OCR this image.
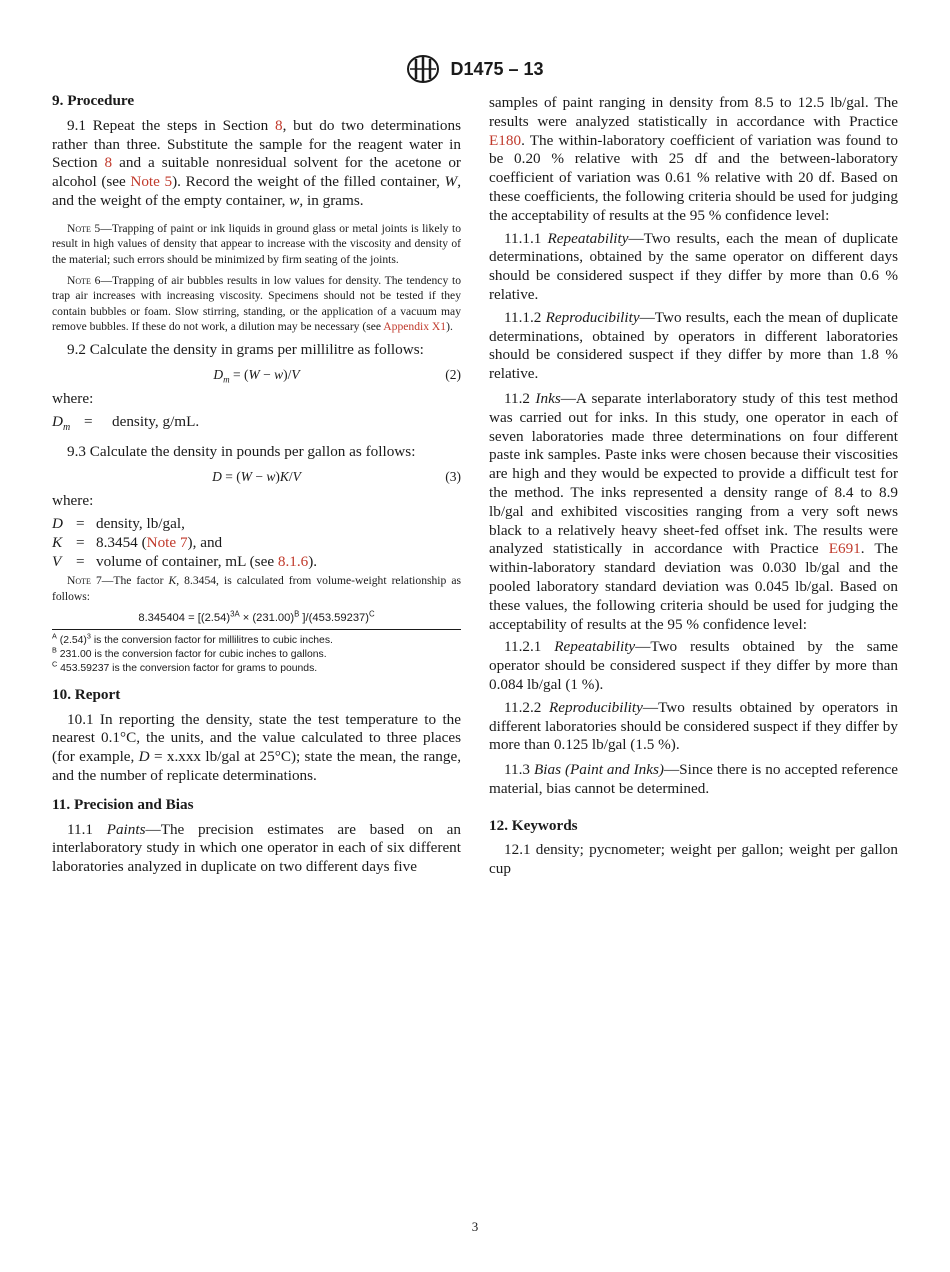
D1475 – 13

9. Procedure

9.1 Repeat the steps in Section 8, but do two determinations rather than three. Substitute the sample for the reagent water in Section 8 and a suitable nonresidual solvent for the acetone or alcohol (see Note 5). Record the weight of the filled container, W, and the weight of the empty container, w, in grams.

Note 5—Trapping of paint or ink liquids in ground glass or metal joints is likely to result in high values of density that appear to increase with the viscosity and density of the material; such errors should be minimized by firm seating of the joints.

Note 6—Trapping of air bubbles results in low values for density. The tendency to trap air increases with increasing viscosity. Specimens should not be tested if they contain bubbles or foam. Slow stirring, standing, or the application of a vacuum may remove bubbles. If these do not work, a dilution may be necessary (see Appendix X1).

9.2 Calculate the density in grams per millilitre as follows:

$D_m = (W - w)/V$	(2)

where:

$D_m$ =	density, g/mL.

9.3 Calculate the density in pounds per gallon as follows:

D = (W − w)K/V	(3)

where:

D = density, lb/gal,
K = 8.3454 (Note 7), and
V = volume of container, mL (see 8.1.6).

Note 7—The factor K, 8.3454, is calculated from volume-weight relationship as follows:

$8.345404 = [(2.54)^{3A} \times (231.00)^B$ ]$/(453.59237)^C$
$^A$ $(2.54)^3$ is the conversion factor for millilitres to cubic inches.
$^B$ 231.00 is the conversion factor for cubic inches to gallons.
$^C$ 453.59237 is the conversion factor for grams to pounds.

10. Report

10.1 In reporting the density, state the test temperature to the nearest 0.1°C, the units, and the value calculated to three places (for example, D = x.xxx lb/gal at 25°C); state the mean, the range, and the number of replicate determinations.

11. Precision and Bias

11.1 Paints—The precision estimates are based on an interlaboratory study in which one operator in each of six different laboratories analyzed in duplicate on two different days five

samples of paint ranging in density from 8.5 to 12.5 lb/gal. The results were analyzed statistically in accordance with Practice E180. The within-laboratory coefficient of variation was found to be 0.20 % relative with 25 df and the between-laboratory coefficient of variation was 0.61 % relative with 20 df. Based on these coefficients, the following criteria should be used for judging the acceptability of results at the 95 % confidence level:

11.1.1 Repeatability—Two results, each the mean of duplicate determinations, obtained by the same operator on different days should be considered suspect if they differ by more than 0.6 % relative.

11.1.2 Reproducibility—Two results, each the mean of duplicate determinations, obtained by operators in different laboratories should be considered suspect if they differ by more than 1.8 % relative.

11.2 Inks—A separate interlaboratory study of this test method was carried out for inks. In this study, one operator in each of seven laboratories made three determinations on four different paste ink samples. Paste inks were chosen because their viscosities are high and they would be expected to provide a difficult test for the method. The inks represented a density range of 8.4 to 8.9 lb/gal and exhibited viscosities ranging from a very soft news black to a relatively heavy sheet-fed offset ink. The results were analyzed statistically in accordance with Practice E691. The within-laboratory standard deviation was 0.030 lb/gal and the pooled laboratory standard deviation was 0.045 lb/gal. Based on these values, the following criteria should be used for judging the acceptability of results at the 95 % confidence level:

11.2.1 Repeatability—Two results obtained by the same operator should be considered suspect if they differ by more than 0.084 lb/gal (1 %).

11.2.2 Reproducibility—Two results obtained by operators in different laboratories should be considered suspect if they differ by more than 0.125 lb/gal (1.5 %).

11.3 Bias (Paint and Inks)—Since there is no accepted reference material, bias cannot be determined.

12. Keywords

12.1 density; pycnometer; weight per gallon; weight per gallon cup

3
